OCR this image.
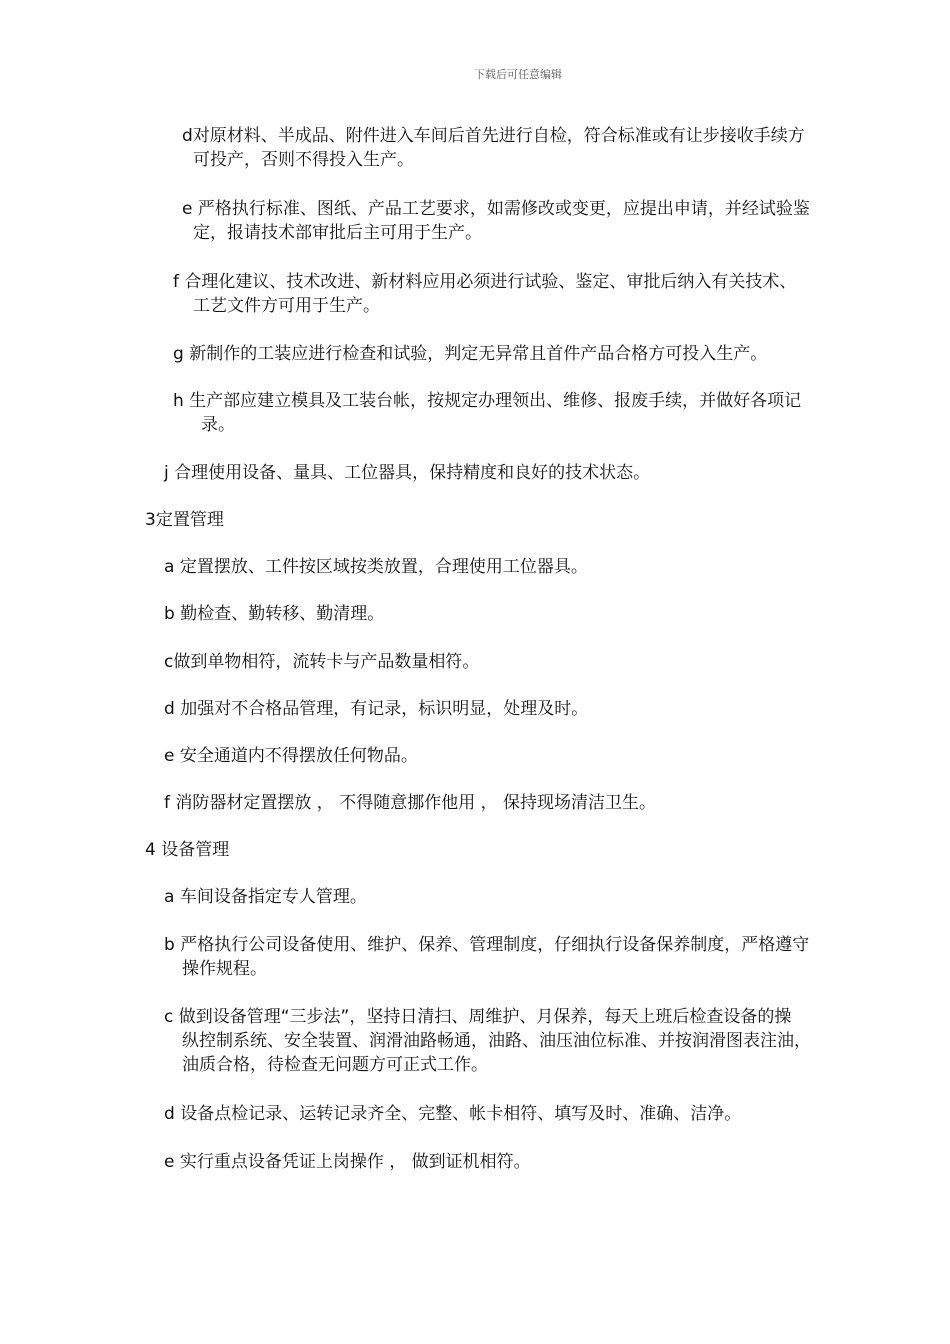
下载后可任意编辑
d对原材料、半成品、附件进入车间后首先进行自检，符合标准或有让步接收手续方
可投产，否则不得投入生产。
e 严格执行标准、图纸、产品工艺要求，如需修改或变更，应提出申请，并经试验鉴
定，报请技术部审批后主可用于生产。
f 合理化建议、技术改进、新材料应用必须进行试验、鉴定、审批后纳入有关技术、
工艺文件方可用于生产。
g 新制作的工装应进行检查和试验，判定无异常且首件产品合格方可投入生产。
h 生产部应建立模具及工装台帐，按规定办理领出、维修、报废手续，并做好各项记
录。
j 合理使用设备、量具、工位器具，保持精度和良好的技术状态。
3定置管理
a 定置摆放、工件按区域按类放置，合理使用工位器具。
b 勤检查、勤转移、勤清理。
c做到单物相符，流转卡与产品数量相符。
d 加强对不合格品管理，有记录，标识明显，处理及时。
e 安全通道内不得摆放任何物品。
f 消防器材定置摆放 ， 不得随意挪作他用 ， 保持现场清洁卫生。
4 设备管理
a 车间设备指定专人管理。
b 严格执行公司设备使用、维护、保养、管理制度，仔细执行设备保养制度，严格遵守
操作规程。
c 做到设备管理“三步法”，坚持日清扫、周维护、月保养，每天上班后检查设备的操
纵控制系统、安全装置、润滑油路畅通，油路、油压油位标准、并按润滑图表注油，
油质合格，待检查无问题方可正式工作。
d 设备点检记录、运转记录齐全、完整、帐卡相符、填写及时、准确、洁净。
e 实行重点设备凭证上岗操作 ， 做到证机相符。
